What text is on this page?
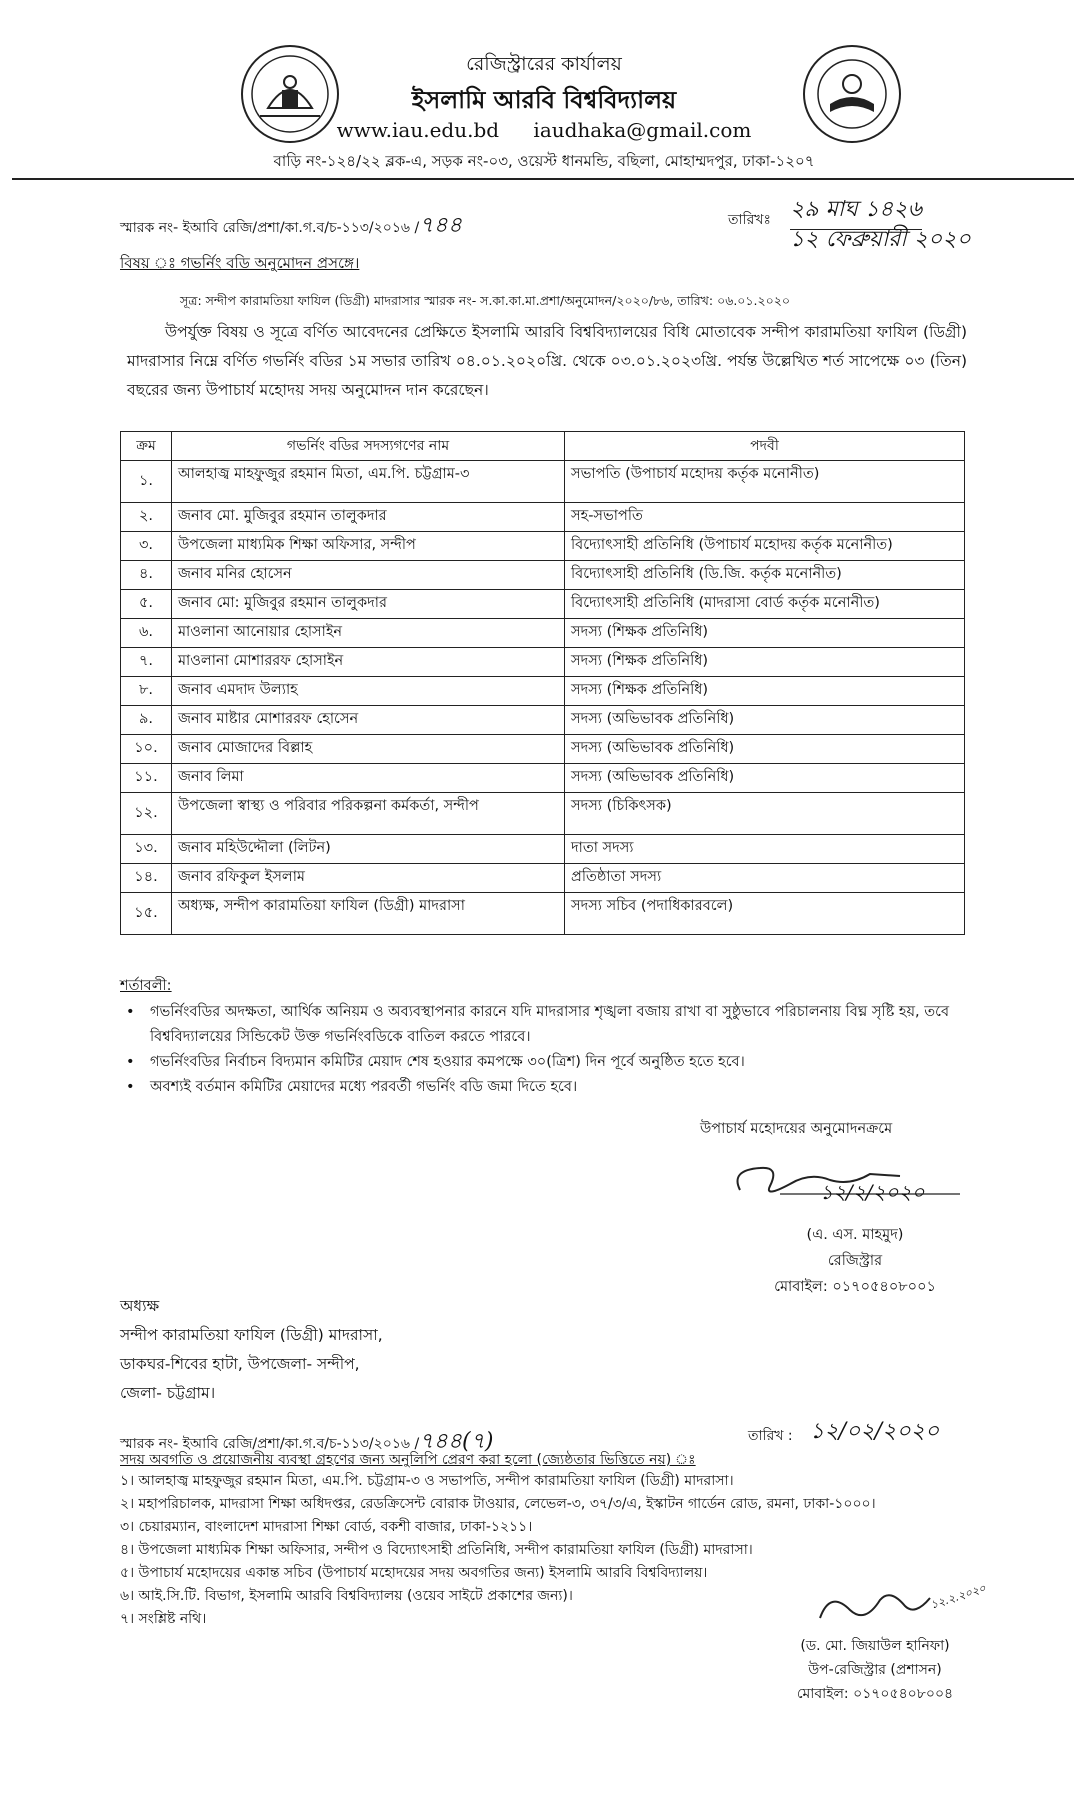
রেজিস্ট্রারের কার্যালয়
ইসলামি আরবি বিশ্ববিদ্যালয়
www.iau.edu.bd iaudhaka@gmail.com
বাড়ি নং-১২৪/২২ ব্লক-এ, সড়ক নং-০৩, ওয়েস্ট ধানমন্ডি, বছিলা, মোহাম্মদপুর, ঢাকা-১২০৭
স্মারক নং- ইআবি রেজি/প্রশা/কা.গ.ব/চ-১১৩/২০১৬ /৭৪৪	তারিখঃ ২৯ মাঘ ১৪২৬
১২ ফেব্রুয়ারী ২০২০
বিষয় ঃ গভর্নিং বডি অনুমোদন প্রসঙ্গে।
সূত্র: সন্দীপ কারামতিয়া ফাযিল (ডিগ্রী) মাদরাসার স্মারক নং- স.কা.কা.মা.প্রশা/অনুমোদন/২০২০/৮৬, তারিখ: ০৬.০১.২০২০
উপর্যুক্ত বিষয় ও সূত্রে বর্ণিত আবেদনের প্রেক্ষিতে ইসলামি আরবি বিশ্ববিদ্যালয়ের বিধি মোতাবেক সন্দীপ কারামতিয়া ফাযিল (ডিগ্রী) মাদরাসার নিম্নে বর্ণিত গভর্নিং বডির ১ম সভার তারিখ ০৪.০১.২০২০খ্রি. থেকে ০৩.০১.২০২৩খ্রি. পর্যন্ত উল্লেখিত শর্ত সাপেক্ষে ০৩ (তিন) বছরের জন্য উপাচার্য মহোদয় সদয় অনুমোদন দান করেছেন।
ক্রম	গভর্নিং বডির সদস্যগণের নাম	পদবী
১.	আলহাজ্ব মাহফুজুর রহমান মিতা, এম.পি. চট্টগ্রাম-৩	সভাপতি (উপাচার্য মহোদয় কর্তৃক মনোনীত)
২.	জনাব মো. মুজিবুর রহমান তালুকদার	সহ-সভাপতি
৩.	উপজেলা মাধ্যমিক শিক্ষা অফিসার, সন্দীপ	বিদ্যোৎসাহী প্রতিনিধি (উপাচার্য মহোদয় কর্তৃক মনোনীত)
৪.	জনাব মনির হোসেন	বিদ্যোৎসাহী প্রতিনিধি (ডি.জি. কর্তৃক মনোনীত)
৫.	জনাব মো: মুজিবুর রহমান তালুকদার	বিদ্যোৎসাহী প্রতিনিধি (মাদরাসা বোর্ড কর্তৃক মনোনীত)
৬.	মাওলানা আনোয়ার হোসাইন	সদস্য (শিক্ষক প্রতিনিধি)
৭.	মাওলানা মোশাররফ হোসাইন	সদস্য (শিক্ষক প্রতিনিধি)
৮.	জনাব এমদাদ উল্যাহ	সদস্য (শিক্ষক প্রতিনিধি)
৯.	জনাব মাষ্টার মোশাররফ হোসেন	সদস্য (অভিভাবক প্রতিনিধি)
১০.	জনাব মোজাদের বিল্লাহ	সদস্য (অভিভাবক প্রতিনিধি)
১১.	জনাব লিমা	সদস্য (অভিভাবক প্রতিনিধি)
১২.	উপজেলা স্বাস্থ্য ও পরিবার পরিকল্পনা কর্মকর্তা, সন্দীপ	সদস্য (চিকিৎসক)
১৩.	জনাব মহিউদ্দৌলা (লিটন)	দাতা সদস্য
১৪.	জনাব রফিকুল ইসলাম	প্রতিষ্ঠাতা সদস্য
১৫.	অধ্যক্ষ, সন্দীপ কারামতিয়া ফাযিল (ডিগ্রী) মাদরাসা	সদস্য সচিব (পদাধিকারবলে)
শর্তাবলী:
• গভর্নিংবডির অদক্ষতা, আর্থিক অনিয়ম ও অব্যবস্থাপনার কারনে যদি মাদরাসার শৃঙ্খলা বজায় রাখা বা সুষ্ঠুভাবে পরিচালনায় বিঘ্ন সৃষ্টি হয়, তবে বিশ্ববিদ্যালয়ের সিন্ডিকেট উক্ত গভর্নিংবডিকে বাতিল করতে পারবে।
• গভর্নিংবডির নির্বাচন বিদ্যমান কমিটির মেয়াদ শেষ হওয়ার কমপক্ষে ৩০(ত্রিশ) দিন পূর্বে অনুষ্ঠিত হতে হবে।
• অবশ্যই বর্তমান কমিটির মেয়াদের মধ্যে পরবর্তী গভর্নিং বডি জমা দিতে হবে।
উপাচার্য মহোদয়ের অনুমোদনক্রমে
১২/২/২০২০
(এ. এস. মাহমুদ)
রেজিস্ট্রার
মোবাইল: ০১৭০৫৪০৮০০১
অধ্যক্ষ
সন্দীপ কারামতিয়া ফাযিল (ডিগ্রী) মাদরাসা,
ডাকঘর-শিবের হাটা, উপজেলা- সন্দীপ,
জেলা- চট্টগ্রাম।
স্মারক নং- ইআবি রেজি/প্রশা/কা.গ.ব/চ-১১৩/২০১৬ /৭৪৪(৭)	তারিখ : ১২/০২/২০২০
সদয় অবগতি ও প্রয়োজনীয় ব্যবস্থা গ্রহণের জন্য অনুলিপি প্রেরণ করা হলো (জ্যেষ্ঠতার ভিত্তিতে নয়) ঃ
১। আলহাজ্ব মাহফুজুর রহমান মিতা, এম.পি. চট্টগ্রাম-৩ ও সভাপতি, সন্দীপ কারামতিয়া ফাযিল (ডিগ্রী) মাদরাসা।
২। মহাপরিচালক, মাদরাসা শিক্ষা অধিদপ্তর, রেডক্রিসেন্ট বোরাক টাওয়ার, লেভেল-৩, ৩৭/৩/এ, ইস্কাটন গার্ডেন রোড, রমনা, ঢাকা-১০০০।
৩। চেয়ারম্যান, বাংলাদেশ মাদরাসা শিক্ষা বোর্ড, বকশী বাজার, ঢাকা-১২১১।
৪। উপজেলা মাধ্যমিক শিক্ষা অফিসার, সন্দীপ ও বিদ্যোৎসাহী প্রতিনিধি, সন্দীপ কারামতিয়া ফাযিল (ডিগ্রী) মাদরাসা।
৫। উপাচার্য মহোদয়ের একান্ত সচিব (উপাচার্য মহোদয়ের সদয় অবগতির জন্য) ইসলামি আরবি বিশ্ববিদ্যালয়।
৬। আই.সি.টি. বিভাগ, ইসলামি আরবি বিশ্ববিদ্যালয় (ওয়েব সাইটে প্রকাশের জন্য)।
৭। সংশ্লিষ্ট নথি।
১২.২.২০২০
(ড. মো. জিয়াউল হানিফা)
উপ-রেজিস্ট্রার (প্রশাসন)
মোবাইল: ০১৭০৫৪০৮০০৪
